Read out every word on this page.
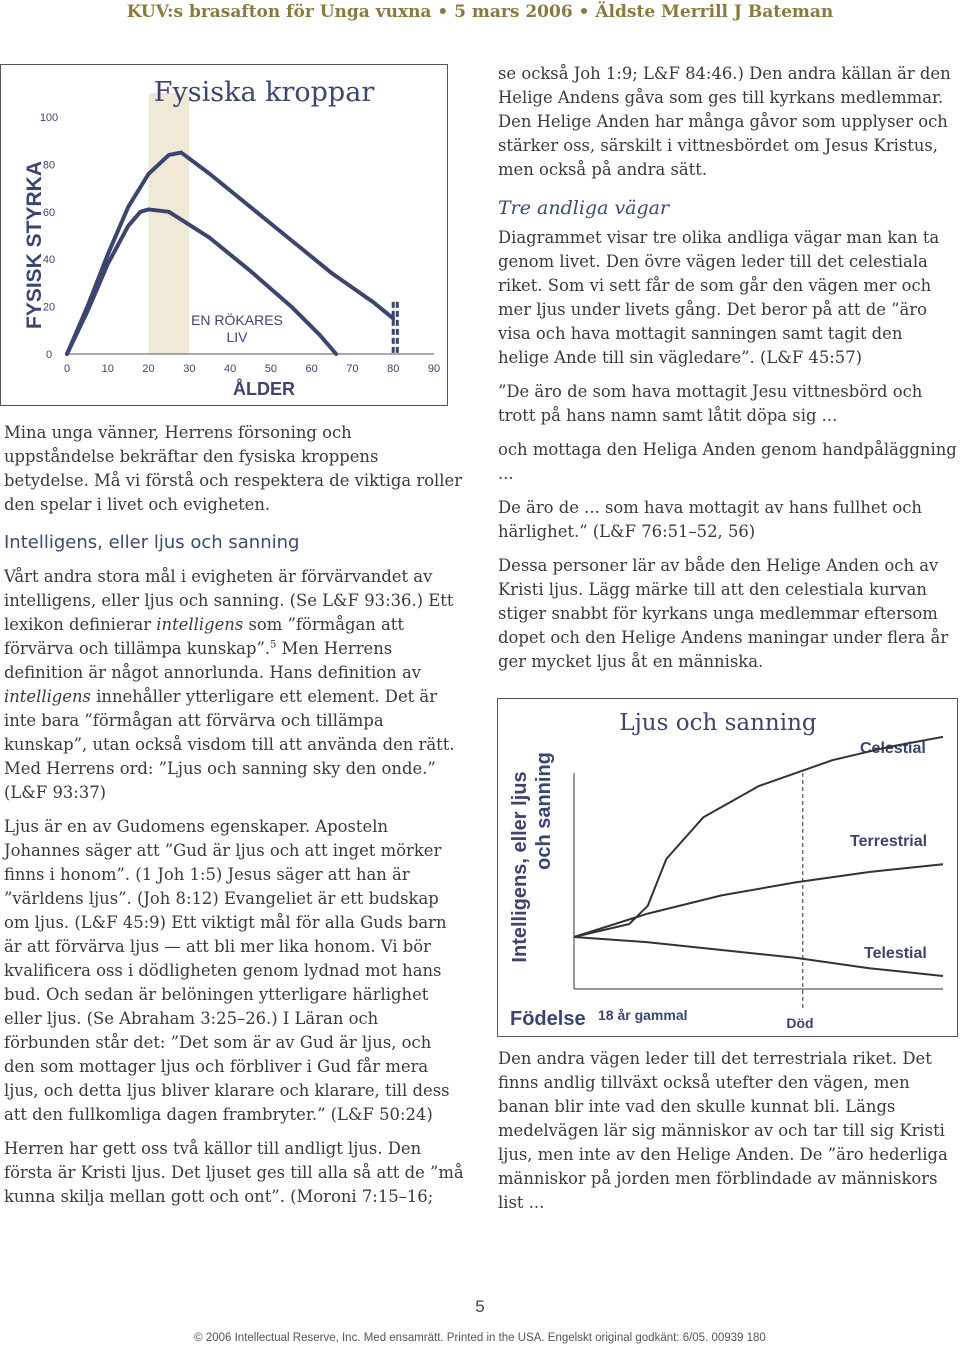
KUV:s brasafton för Unga vuxna • 5 mars 2006 • Äldste Merrill J Bateman
0	10	20	30	40	50	60	70	80	90
0
20
40
60
80
100
FYSISK STYRKA
Fysiska kroppar
ÅLDER
EN RÖKARES LIV

Mina unga vänner, Herrens försoning och uppståndelse bekräftar den fysiska kroppens betydelse. Må vi förstå och respektera de viktiga roller den spelar i livet och evigheten.

Intelligens, eller ljus och sanning

Vårt andra stora mål i evigheten är förvärvandet av intelligens, eller ljus och sanning. (Se L&F 93:36.) Ett lexikon definierar intelligens som ”förmågan att förvärva och tillämpa kunskap”.$^5$ Men Herrens definition är något annorlunda. Hans definition av intelligens innehåller ytterligare ett element. Det är inte bara ”förmågan att förvärva och tillämpa kunskap”, utan också visdom till att använda den rätt. Med Herrens ord: ”Ljus och sanning sky den onde.” (L&F 93:37)

Ljus är en av Gudomens egenskaper. Aposteln Johannes säger att ”Gud är ljus och att inget mörker finns i honom”. (1 Joh 1:5) Jesus säger att han är ”världens ljus”. (Joh 8:12) Evangeliet är ett budskap om ljus. (L&F 45:9) Ett viktigt mål för alla Guds barn är att förvärva ljus — att bli mer lika honom. Vi bör kvalificera oss i dödligheten genom lydnad mot hans bud. Och sedan är belöningen ytterligare härlighet eller ljus. (Se Abraham 3:25–26.) I Läran och förbunden står det: ”Det som är av Gud är ljus, och den som mottager ljus och förbliver i Gud får mera ljus, och detta ljus bliver klarare och klarare, till dess att den fullkomliga dagen frambryter.” (L&F 50:24)

Herren har gett oss två källor till andligt ljus. Den första är Kristi ljus. Det ljuset ges till alla så att de ”må kunna skilja mellan gott och ont”. (Moroni 7:15–16;

se också Joh 1:9; L&F 84:46.) Den andra källan är den Helige Andens gåva som ges till kyrkans medlemmar. Den Helige Anden har många gåvor som upplyser och stärker oss, särskilt i vittnesbördet om Jesus Kristus, men också på andra sätt.

Tre andliga vägar

Diagrammet visar tre olika andliga vägar man kan ta genom livet. Den övre vägen leder till det celestiala riket. Som vi sett får de som går den vägen mer och mer ljus under livets gång. Det beror på att de ”äro visa och hava mottagit sanningen samt tagit den helige Ande till sin vägledare”. (L&F 45:57)

”De äro de som hava mottagit Jesu vittnesbörd och trott på hans namn samt låtit döpa sig ...

och mottaga den Heliga Anden genom handpåläggning ...

De äro de ... som hava mottagit av hans fullhet och härlighet.” (L&F 76:51–52, 56)

Dessa personer lär av både den Helige Anden och av Kristi ljus. Lägg märke till att den celestiala kurvan stiger snabbt för kyrkans unga medlemmar eftersom dopet och den Helige Andens maningar under flera år ger mycket ljus åt en människa.

Ljus och sanning
Intelligens, eller ljus och sanning
Födelse 18 år gammal	Död
Celestial
Terrestrial
Telestial

Den andra vägen leder till det terrestriala riket. Det finns andlig tillväxt också utefter den vägen, men banan blir inte vad den skulle kunnat bli. Längs medelvägen lär sig människor av och tar till sig Kristi ljus, men inte av den Helige Anden. De ”äro hederliga människor på jorden men förblindade av människors list ...

5
© 2006 Intellectual Reserve, Inc. Med ensamrätt. Printed in the USA. Engelskt original godkänt: 6/05. 00939 180
